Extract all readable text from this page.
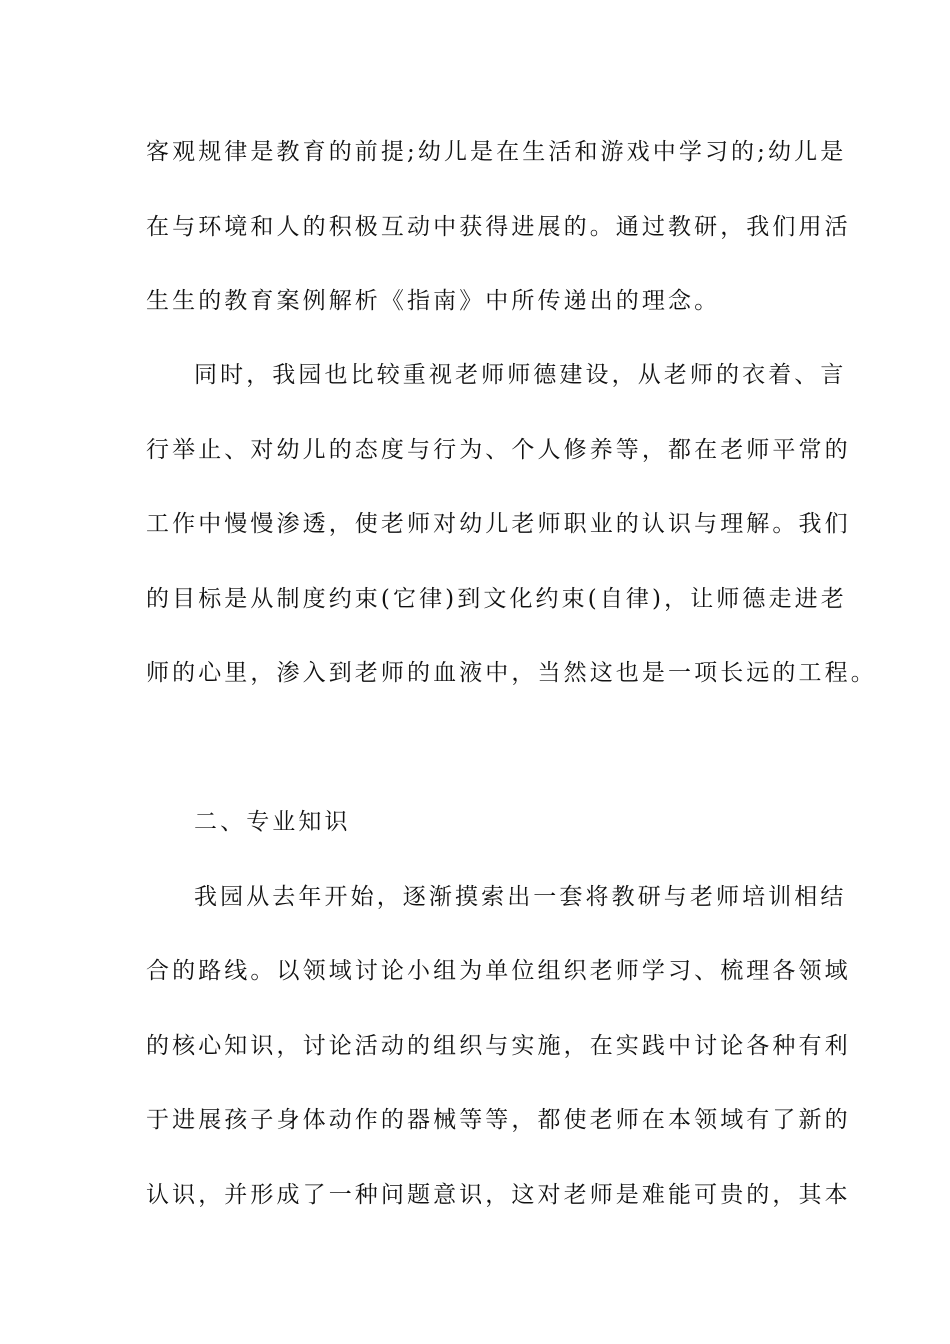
客观规律是教育的前提;幼儿是在生活和游戏中学习的;幼儿是
在与环境和人的积极互动中获得进展的。通过教研，我们用活
生生的教育案例解析《指南》中所传递出的理念。
同时，我园也比较重视老师师德建设，从老师的衣着、言
行举止、对幼儿的态度与行为、个人修养等，都在老师平常的
工作中慢慢渗透，使老师对幼儿老师职业的认识与理解。我们
的目标是从制度约束(它律)到文化约束(自律)，让师德走进老
师的心里，渗入到老师的血液中，当然这也是一项长远的工程。
二、专业知识
我园从去年开始，逐渐摸索出一套将教研与老师培训相结
合的路线。以领域讨论小组为单位组织老师学习、梳理各领域
的核心知识，讨论活动的组织与实施，在实践中讨论各种有利
于进展孩子身体动作的器械等等，都使老师在本领域有了新的
认识，并形成了一种问题意识，这对老师是难能可贵的，其本
